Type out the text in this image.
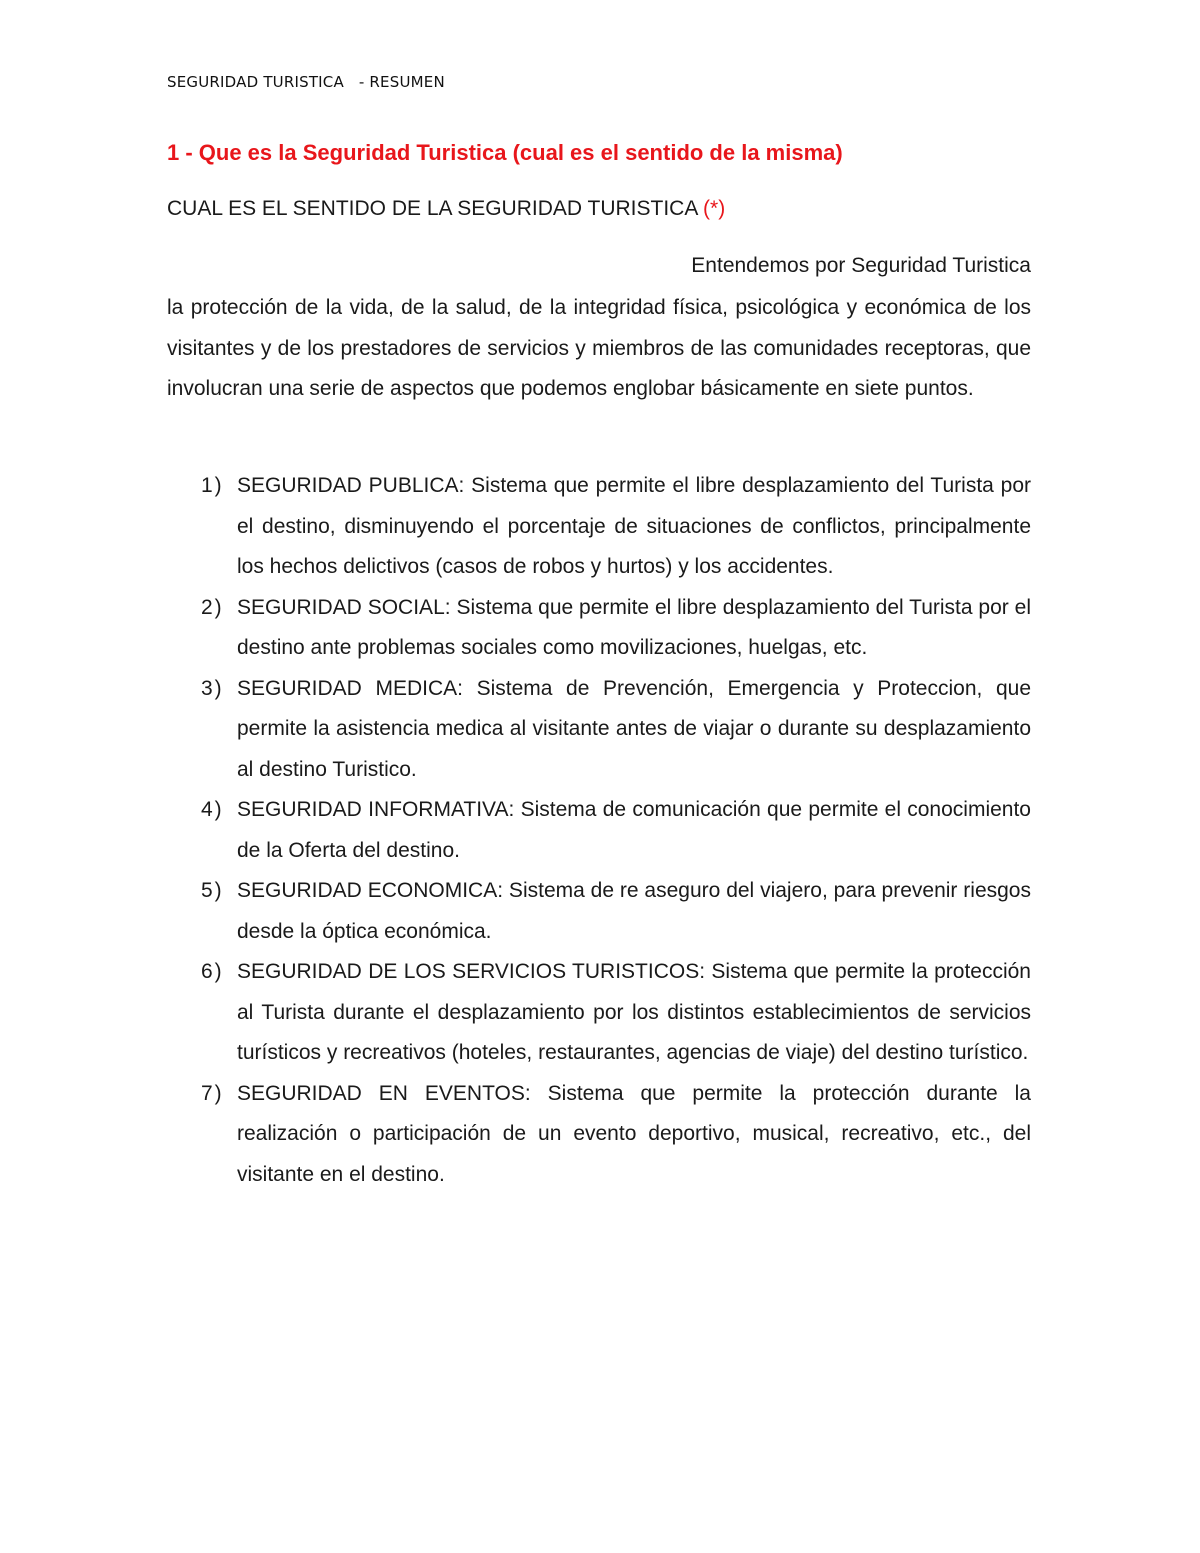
SEGURIDAD TURISTICA   - RESUMEN
1 - Que es la Seguridad Turistica (cual es el sentido de la misma)
CUAL ES EL SENTIDO DE LA SEGURIDAD TURISTICA (*)
Entendemos por Seguridad Turistica
la protección de la vida, de la salud, de la integridad física, psicológica y económica de los visitantes y de los prestadores de servicios y miembros de las comunidades receptoras, que involucran una serie de aspectos que podemos englobar básicamente en siete puntos.
1) SEGURIDAD PUBLICA: Sistema que permite el libre desplazamiento del Turista por el destino, disminuyendo el porcentaje de situaciones de conflictos, principalmente los hechos delictivos (casos de robos y hurtos) y los accidentes.
2) SEGURIDAD SOCIAL: Sistema que permite el libre desplazamiento del Turista por el destino ante problemas sociales como movilizaciones, huelgas, etc.
3) SEGURIDAD MEDICA: Sistema de Prevención, Emergencia y Proteccion, que permite la asistencia medica al visitante antes de viajar o durante su desplazamiento al destino Turistico.
4) SEGURIDAD INFORMATIVA: Sistema de comunicación que permite el conocimiento de la Oferta del destino.
5) SEGURIDAD ECONOMICA: Sistema de re aseguro del viajero, para prevenir riesgos desde la óptica económica.
6) SEGURIDAD DE LOS SERVICIOS TURISTICOS: Sistema que permite la protección al Turista durante el desplazamiento por los distintos establecimientos de servicios turísticos y recreativos (hoteles, restaurantes, agencias de viaje) del destino turístico.
7) SEGURIDAD EN EVENTOS: Sistema que permite la protección durante la realización o participación de un evento deportivo, musical, recreativo, etc., del visitante en el destino.
